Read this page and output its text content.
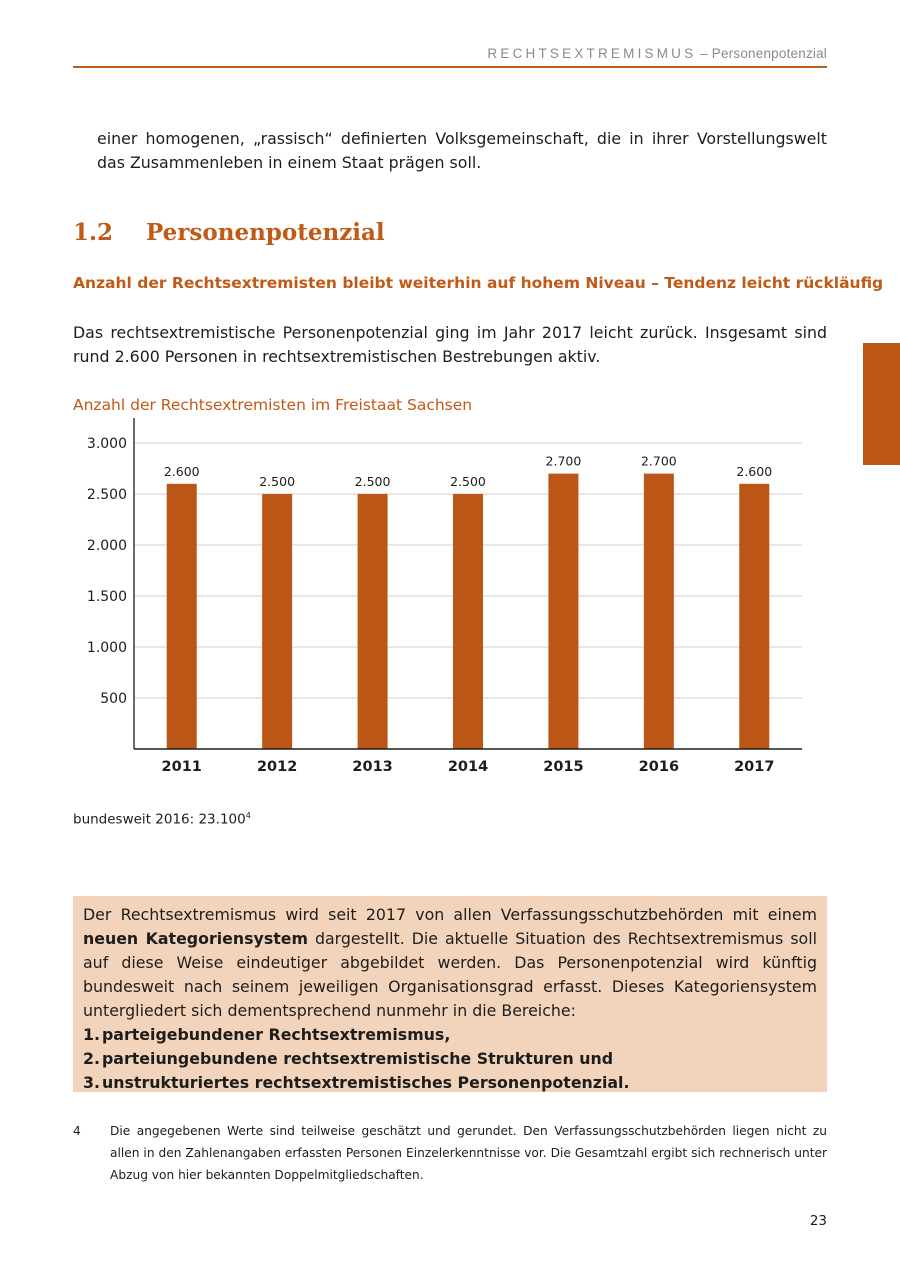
RECHTSEXTREMISMUS – Personenpotenzial

einer homogenen, „rassisch“ definierten Volksgemeinschaft, die in ihrer Vorstellungswelt das Zusammenleben in einem Staat prägen soll.

1.2 Personenpotenzial
Anzahl der Rechtsextremisten bleibt weiterhin auf hohem Niveau – Tendenz leicht rückläufig

Das rechtsextremistische Personenpotenzial ging im Jahr 2017 leicht zurück. Insgesamt sind rund 2.600 Personen in rechtsextremistischen Bestrebungen aktiv.

Anzahl der Rechtsextremisten im Freistaat Sachsen
500
1.000
1.500
2.000
2.500
3.000
2.600
2011
2.500
2012
2.500
2013
2.500
2014
2.700
2015
2.700
2016
2.600
2017
bundesweit 2016: 23.100$^4$

Der Rechtsextremismus wird seit 2017 von allen Verfassungsschutzbehörden mit einem neuen Kategoriensystem dargestellt. Die aktuelle Situation des Rechtsextremismus soll auf diese Weise eindeutiger abgebildet werden. Das Personenpotenzial wird künftig bundesweit nach seinem jeweiligen Organisationsgrad erfasst. Dieses Kategoriensystem untergliedert sich dementsprechend nunmehr in die Bereiche:

1. parteigebundener Rechtsextremismus,
2. parteiungebundene rechtsextremistische Strukturen und
3. unstrukturiertes rechtsextremistisches Personenpotenzial.
4 Die angegebenen Werte sind teilweise geschätzt und gerundet. Den Verfassungsschutzbehörden liegen nicht zu allen in den Zahlenangaben erfassten Personen Einzelerkenntnisse vor. Die Gesamtzahl ergibt sich rechnerisch unter Abzug von hier bekannten Doppelmitgliedschaften.
23
